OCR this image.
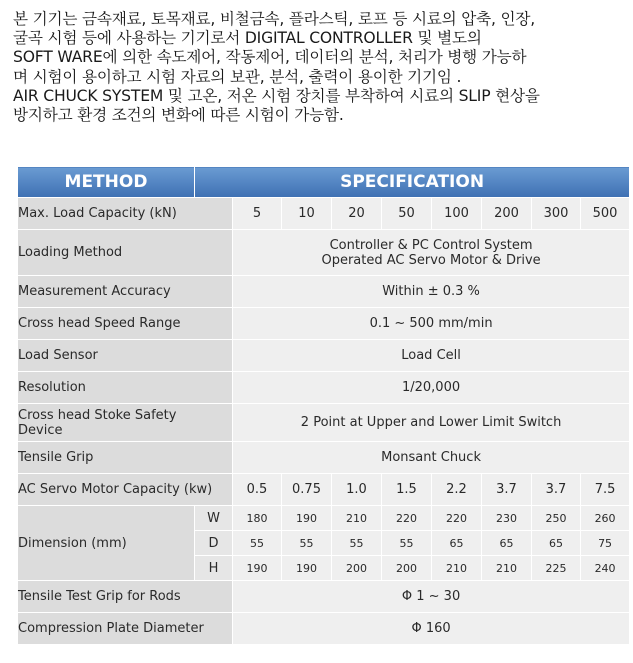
본 기기는 금속재료, 토목재료, 비철금속, 플라스틱, 로프 등 시료의 압축, 인장,
굴곡 시험 등에 사용하는 기기로서 DIGITAL CONTROLLER 및 별도의
SOFT WARE에 의한 속도제어, 작동제어, 데이터의 분석, 처리가 병행 가능하
며 시험이 용이하고 시험 자료의 보관, 분석, 출력이 용이한 기기임 .
AIR CHUCK SYSTEM 및 고온, 저온 시험 장치를 부착하여 시료의 SLIP 현상을
방지하고 환경 조건의 변화에 따른 시험이 가능함.
METHOD	SPECIFICATION								
Max. Load Capacity (kN)		5	10	20	50	100	200	300	500
Loading Method		Controller & PC Control System
Operated AC Servo Motor & Drive							

Measurement Accuracy		Within ± 0.3 %							
Cross head Speed Range		0.1 ~ 500 mm/min							
Load Sensor		Load Cell							
Resolution		1/20,000							

Cross head Stoke Safety
Device		2 Point at Upper and Lower Limit Switch							
Tensile Grip		Monsant Chuck							
AC Servo Motor Capacity (kw)		0.5	0.75	1.0	1.5	2.2	3.7	3.7	7.5
Dimension (mm)	W	180	190	210	220	220	230	250	260
	D	55	55	55	55	65	65	65	75
	H	190	190	200	200	210	210	225	240
Tensile Test Grip for Rods		Φ 1 ~ 30							
Compression Plate Diameter		Φ 160							
